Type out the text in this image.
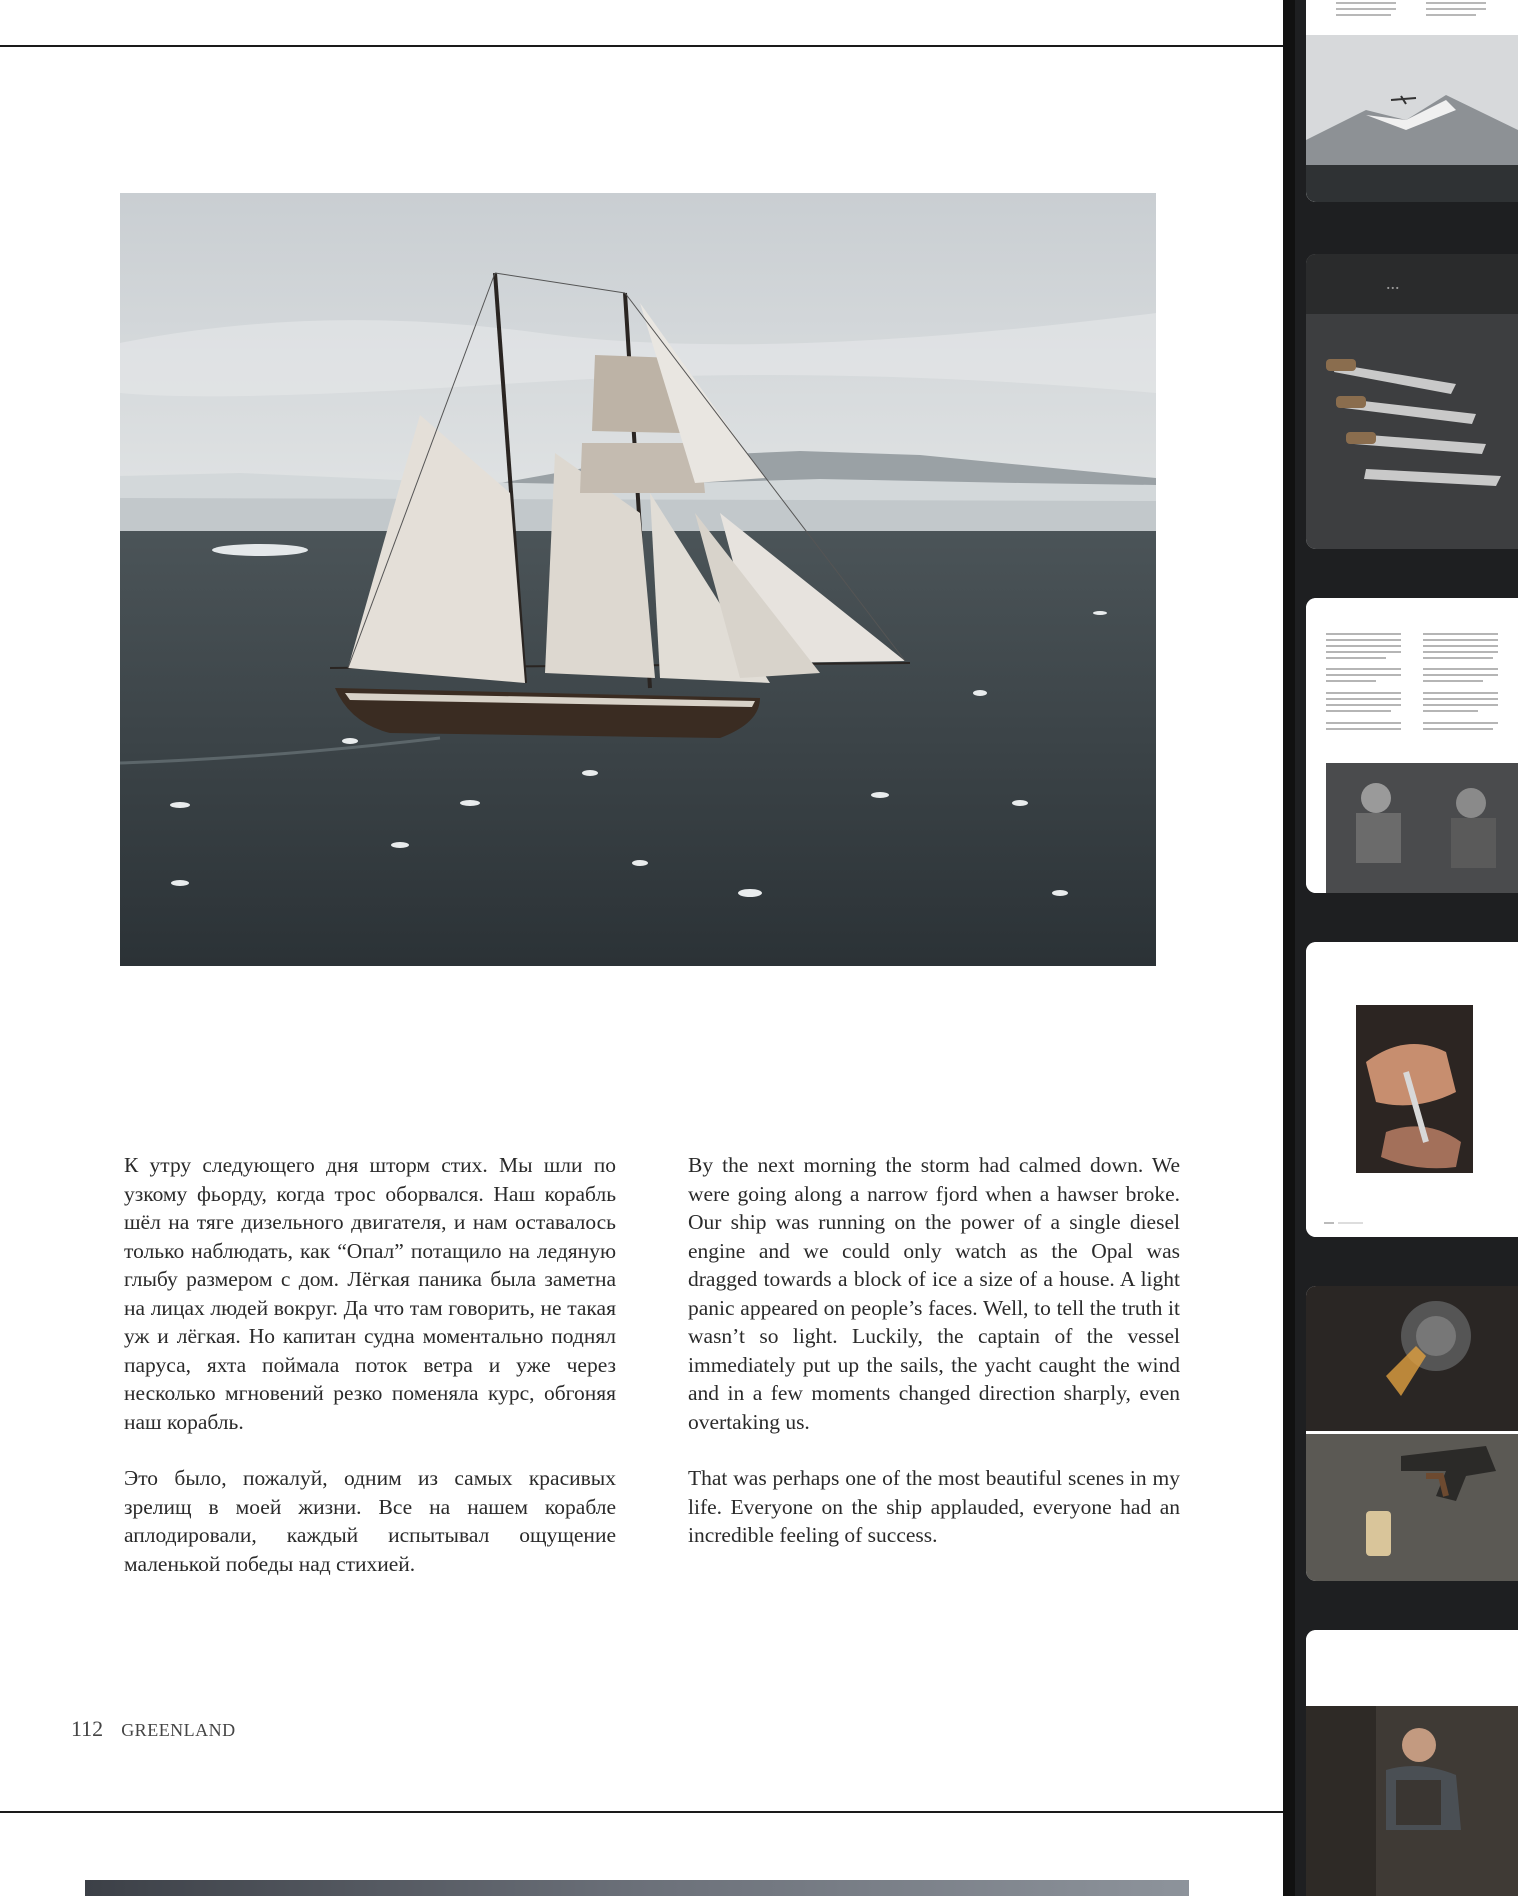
К утру следующего дня шторм стих. Мы шли по узкому фьорду, когда трос оборвался. Наш корабль шёл на тяге дизельного двигателя, и нам оставалось только наблюдать, как “Опал” потащило на ледяную глыбу размером с дом. Лёгкая паника была заметна на лицах людей вокруг. Да что там говорить, не такая уж и лёгкая. Но капитан судна моментально поднял паруса, яхта поймала поток ветра и уже через несколько мгновений резко поменяла курс, обгоняя наш корабль.

Это было, пожалуй, одним из самых красивых зрелищ в моей жизни. Все на нашем корабле аплодировали, каждый испытывал ощущение маленькой победы над стихией.

By the next morning the storm had calmed down. We were going along a narrow fjord when a hawser broke. Our ship was running on the power of a single diesel engine and we could only watch as the Opal was dragged towards a block of ice a size of a house. A light panic appeared on people’s faces. Well, to tell the truth it wasn’t so light. Luckily, the captain of the vessel immediately put up the sails, the yacht caught the wind and in a few moments changed direction sharply, even overtaking us.

That was perhaps one of the most beautiful scenes in my life. Everyone on the ship applauded, everyone had an incredible feeling of success.

112 GREENLAND
...
